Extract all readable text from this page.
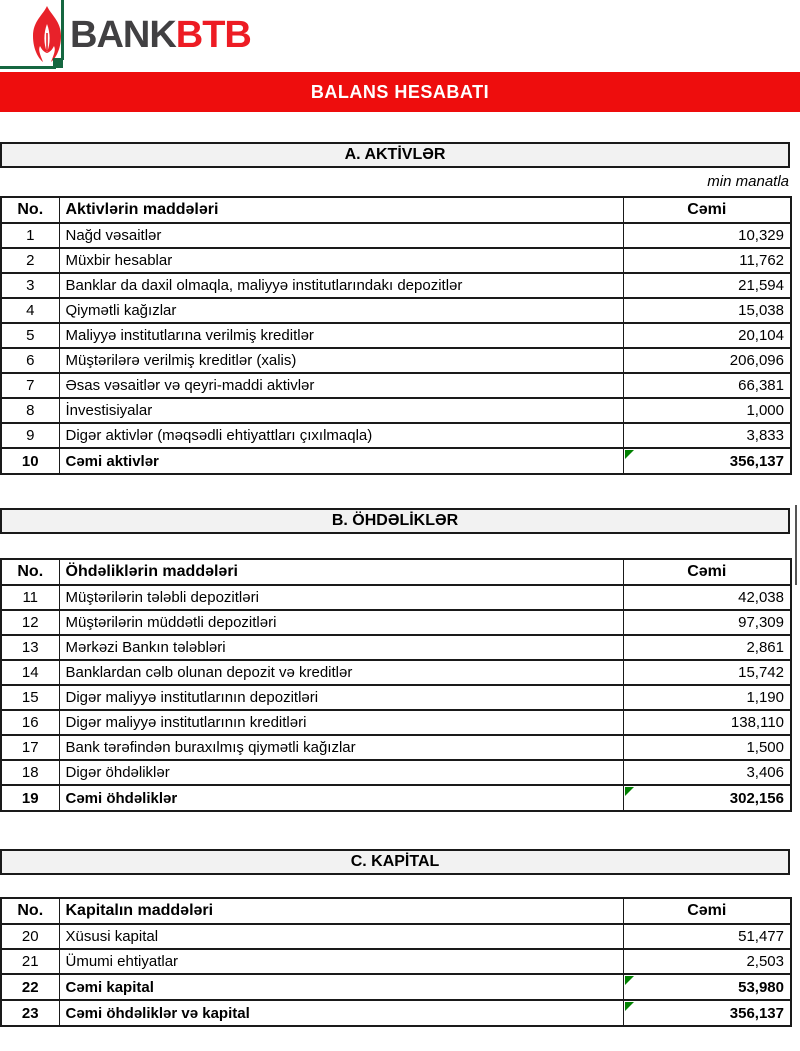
BANKBTB
BALANS HESABATI
A. AKTİVLƏR
min manatla
No.	Aktivlərin maddələri	Cəmi
1	Nağd vəsaitlər	10,329
2	Müxbir hesablar	11,762
3	Banklar da daxil olmaqla, maliyyə institutlarındakı depozitlər	21,594
4	Qiymətli kağızlar	15,038
5	Maliyyə institutlarına verilmiş kreditlər	20,104
6	Müştərilərə verilmiş kreditlər (xalis)	206,096
7	Əsas vəsaitlər və qeyri-maddi aktivlər	66,381
8	İnvestisiyalar	1,000
9	Digər aktivlər (məqsədli ehtiyattları çıxılmaqla)	3,833
10	Cəmi aktivlər	356,137
B. ÖHDƏLİKLƏR
No.	Öhdəliklərin maddələri	Cəmi
11	Müştərilərin tələbli depozitləri	42,038
12	Müştərilərin müddətli depozitləri	97,309
13	Mərkəzi Bankın tələbləri	2,861
14	Banklardan cəlb olunan depozit və kreditlər	15,742
15	Digər maliyyə institutlarının depozitləri	1,190
16	Digər maliyyə institutlarının kreditləri	138,110
17	Bank tərəfindən buraxılmış qiymətli kağızlar	1,500
18	Digər öhdəliklər	3,406
19	Cəmi öhdəliklər	302,156
C. KAPİTAL
No.	Kapitalın maddələri	Cəmi
20	Xüsusi kapital	51,477
21	Ümumi ehtiyatlar	2,503
22	Cəmi kapital	53,980
23	Cəmi öhdəliklər və kapital	356,137
